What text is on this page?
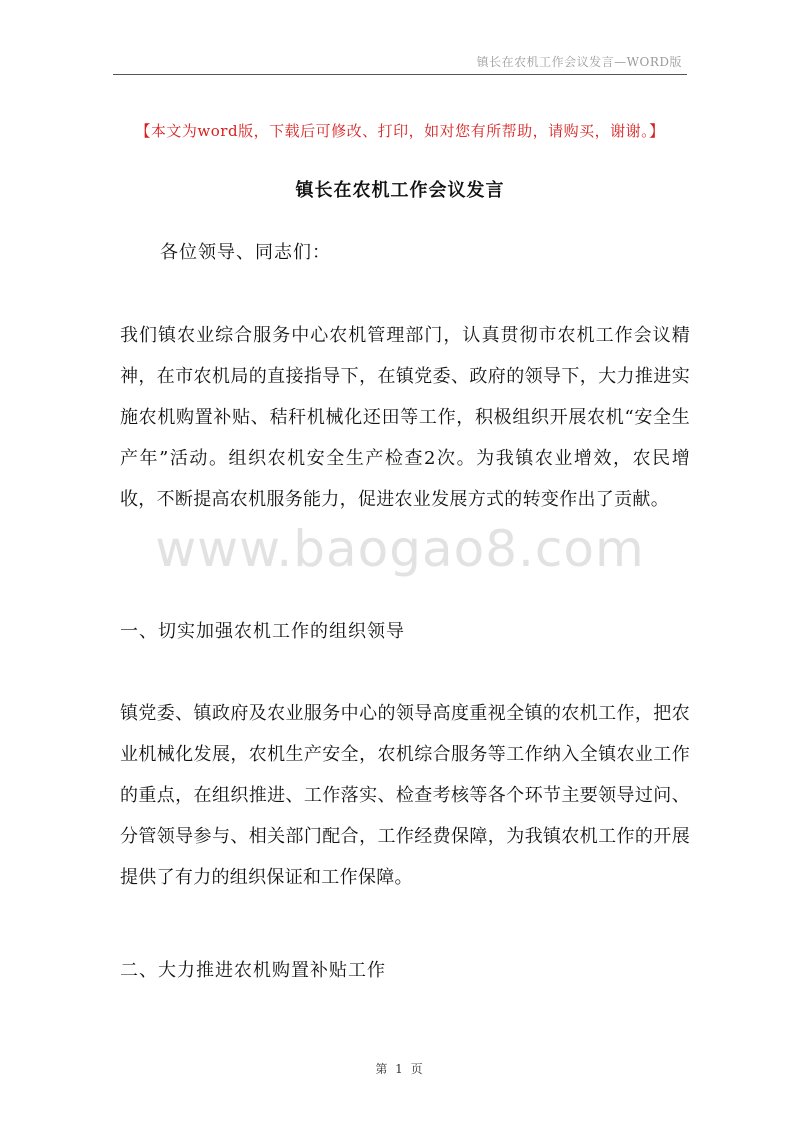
镇长在农机工作会议发言—WORD版
【本文为word版，下载后可修改、打印，如对您有所帮助，请购买，谢谢。】
镇长在农机工作会议发言
各位领导、同志们：
我们镇农业综合服务中心农机管理部门，认真贯彻市农机工作会议精神，在市农机局的直接指导下，在镇党委、政府的领导下，大力推进实施农机购置补贴、秸秆机械化还田等工作，积极组织开展农机“安全生产年”活动。组织农机安全生产检查2次。为我镇农业增效，农民增收，不断提高农机服务能力，促进农业发展方式的转变作出了贡献。
www.baogao8.com
一、切实加强农机工作的组织领导
镇党委、镇政府及农业服务中心的领导高度重视全镇的农机工作，把农业机械化发展，农机生产安全，农机综合服务等工作纳入全镇农业工作的重点，在组织推进、工作落实、检查考核等各个环节主要领导过问、分管领导参与、相关部门配合，工作经费保障，为我镇农机工作的开展提供了有力的组织保证和工作保障。
二、大力推进农机购置补贴工作
第 1 页
